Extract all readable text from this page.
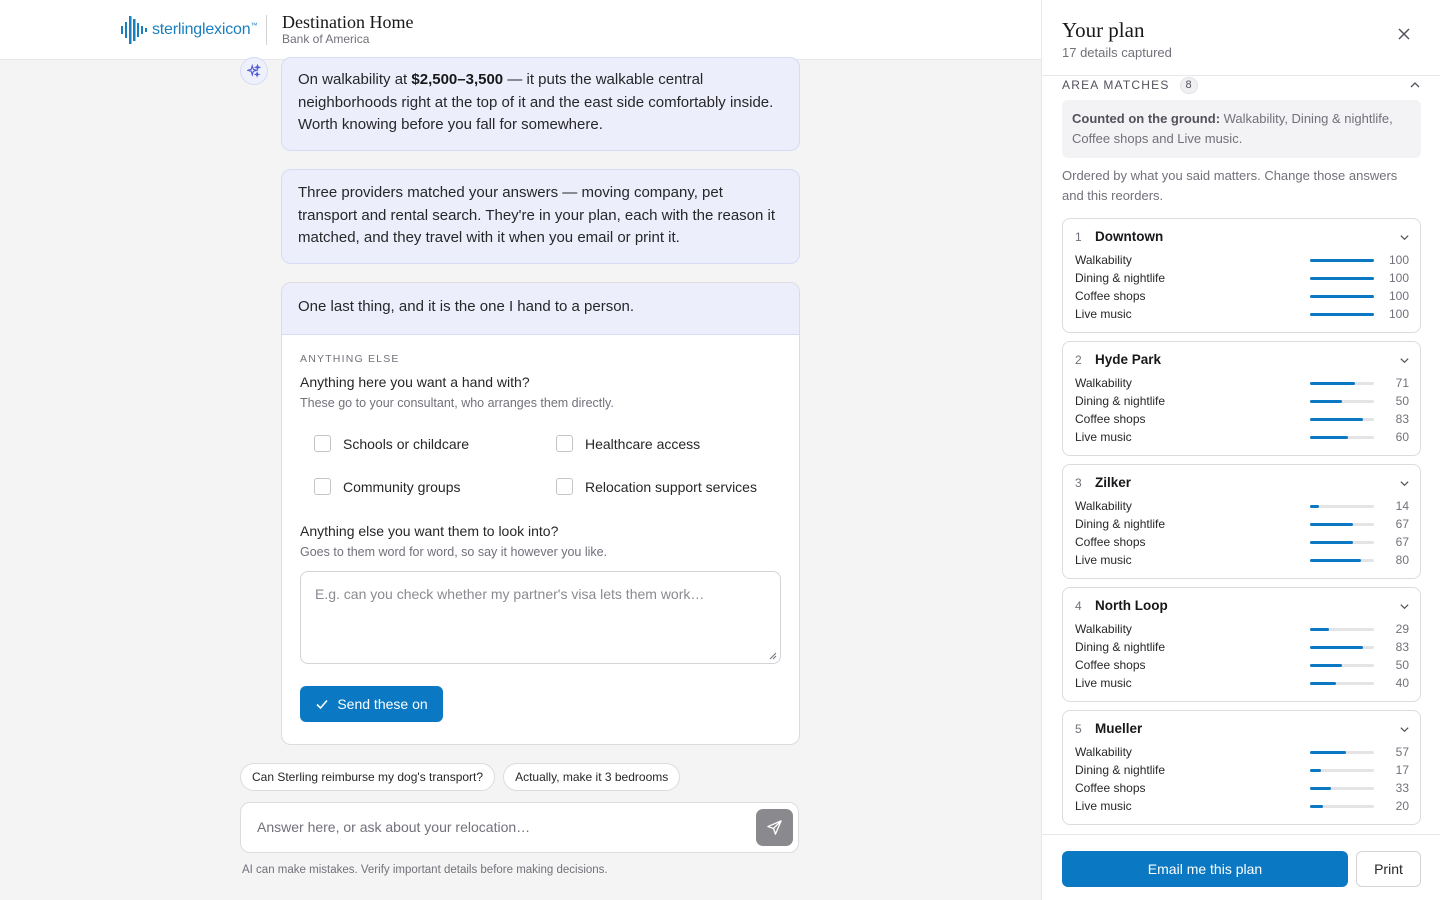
sterlinglexicon™ Destination Home
Bank of America
On walkability at $2,500–3,500 — it puts the walkable central neighborhoods right at the top of it and the east side comfortably inside. Worth knowing before you fall for somewhere.
Three providers matched your answers — moving company, pet transport and rental search. They're in your plan, each with the reason it matched, and they travel with it when you email or print it.
One last thing, and it is the one I hand to a person.
ANYTHING ELSE
Anything here you want a hand with?
These go to your consultant, who arranges them directly.
Schools or childcare	Healthcare access
Community groups	Relocation support services
Anything else you want them to look into?
Goes to them word for word, so say it however you like.
E.g. can you check whether my partner's visa lets them work…
Send these on
Can Sterling reimburse my dog's transport?	Actually, make it 3 bedrooms
Answer here, or ask about your relocation…
AI can make mistakes. Verify important details before making decisions.
Your plan
17 details captured
AREA MATCHES	8
Counted on the ground: Walkability, Dining & nightlife, Coffee shops and Live music.
Ordered by what you said matters. Change those answers and this reorders.
1 Downtown
Walkability	100
Dining & nightlife	100
Coffee shops	100
Live music	100
2 Hyde Park
Walkability	71
Dining & nightlife	50
Coffee shops	83
Live music	60
3 Zilker
Walkability	14
Dining & nightlife	67
Coffee shops	67
Live music	80
4 North Loop
Walkability	29
Dining & nightlife	83
Coffee shops	50
Live music	40
5 Mueller
Walkability	57
Dining & nightlife	17
Coffee shops	33
Live music	20
Email me this plan	Print
